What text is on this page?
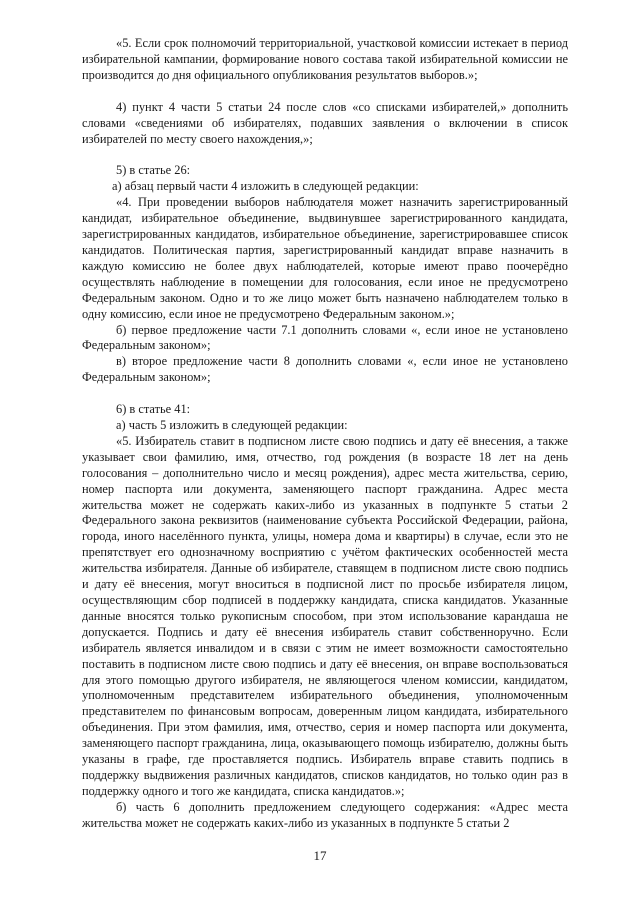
«5. Если срок полномочий территориальной, участковой комиссии истекает в период избирательной кампании, формирование нового состава такой избирательной комиссии не производится до дня официального опубликования результатов выборов.»;

4) пункт 4 части 5 статьи 24 после слов «со списками избирателей,» дополнить словами «сведениями об избирателях, подавших заявления о включении в список избирателей по месту своего нахождения,»;

5) в статье 26:

а) абзац первый части 4 изложить в следующей редакции:

«4. При проведении выборов наблюдателя может назначить зарегистрированный кандидат, избирательное объединение, выдвинувшее зарегистрированного кандидата, зарегистрированных кандидатов, избирательное объединение, зарегистрировавшее список кандидатов. Политическая партия, зарегистрированный кандидат вправе назначить в каждую комиссию не более двух наблюдателей, которые имеют право поочерёдно осуществлять наблюдение в помещении для голосования, если иное не предусмотрено Федеральным законом. Одно и то же лицо может быть назначено наблюдателем только в одну комиссию, если иное не предусмотрено Федеральным законом.»;

б) первое предложение части 7.1 дополнить словами «, если иное не установлено Федеральным законом»;

в) второе предложение части 8 дополнить словами «, если иное не установлено Федеральным законом»;

6) в статье 41:

а) часть 5 изложить в следующей редакции:

«5. Избиратель ставит в подписном листе свою подпись и дату её внесения, а также указывает свои фамилию, имя, отчество, год рождения (в возрасте 18 лет на день голосования – дополнительно число и месяц рождения), адрес места жительства, серию, номер паспорта или документа, заменяющего паспорт гражданина. Адрес места жительства может не содержать каких-либо из указанных в подпункте 5 статьи 2 Федерального закона реквизитов (наименование субъекта Российской Федерации, района, города, иного населённого пункта, улицы, номера дома и квартиры) в случае, если это не препятствует его однозначному восприятию с учётом фактических особенностей места жительства избирателя. Данные об избирателе, ставящем в подписном листе свою подпись и дату её внесения, могут вноситься в подписной лист по просьбе избирателя лицом, осуществляющим сбор подписей в поддержку кандидата, списка кандидатов. Указанные данные вносятся только рукописным способом, при этом использование карандаша не допускается. Подпись и дату её внесения избиратель ставит собственноручно. Если избиратель является инвалидом и в связи с этим не имеет возможности самостоятельно поставить в подписном листе свою подпись и дату её внесения, он вправе воспользоваться для этого помощью другого избирателя, не являющегося членом комиссии, кандидатом, уполномоченным представителем избирательного объединения, уполномоченным представителем по финансовым вопросам, доверенным лицом кандидата, избирательного объединения. При этом фамилия, имя, отчество, серия и номер паспорта или документа, заменяющего паспорт гражданина, лица, оказывающего помощь избирателю, должны быть указаны в графе, где проставляется подпись. Избиратель вправе ставить подпись в поддержку выдвижения различных кандидатов, списков кандидатов, но только один раз в поддержку одного и того же кандидата, списка кандидатов.»;

б) часть 6 дополнить предложением следующего содержания: «Адрес места жительства может не содержать каких-либо из указанных в подпункте 5 статьи 2

17
